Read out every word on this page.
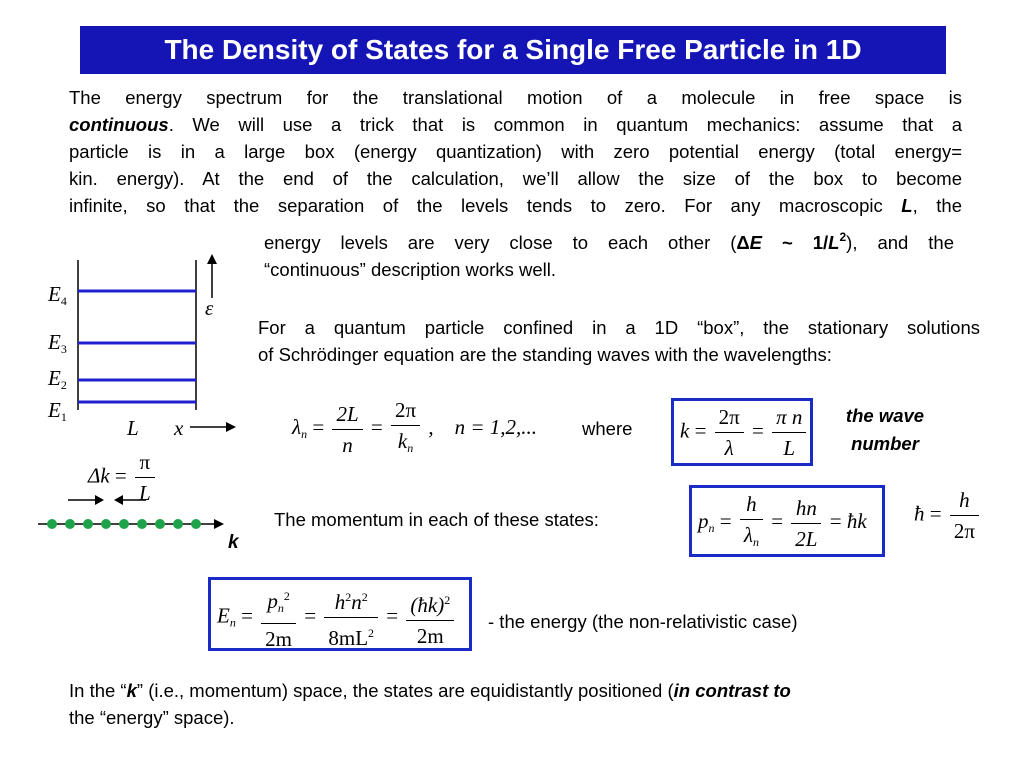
The Density of States for a Single Free Particle in 1D
The energy spectrum for the translational motion of a molecule in free space is
continuous. We will use a trick that is common in quantum mechanics: assume that a
particle is in a large box (energy quantization) with zero potential energy (total energy=
kin. energy). At the end of the calculation, we’ll allow the size of the box to become
infinite, so that the separation of the levels tends to zero. For any macroscopic L, the
energy levels are very close to each other (ΔE ~ $1/L^2$), and the
“continuous” description works well.
$E_4$
$E_3$
$E_2$
$E_1$
ε
L x
$\Delta k = \frac{\pi}{L}$
k
For a quantum particle confined in a 1D “box”, the stationary solutions
of Schrödinger equation are the standing waves with the wavelengths:
$\lambda_n = \frac{2L}{n} = \frac{2\pi}{k_n}$ , n = 1,2,... where	$k = \frac{2\pi}{\lambda} = \frac{\text{π n}}{L}$	the wave
number
The momentum in each of these states:	$p_n = \frac{h}{\lambda_n} = \frac{hn}{2L}$ = ħk	ħ = $\frac{h}{2\pi}$
$E_n = \frac{p_n^2}{2m} = \frac{h^2n^2}{8mL^2} = \frac{(ħk)^2}{2m}$ - the energy (the non-relativistic case)
In the “k” (i.e., momentum) space, the states are equidistantly positioned (in contrast to
the “energy” space).
